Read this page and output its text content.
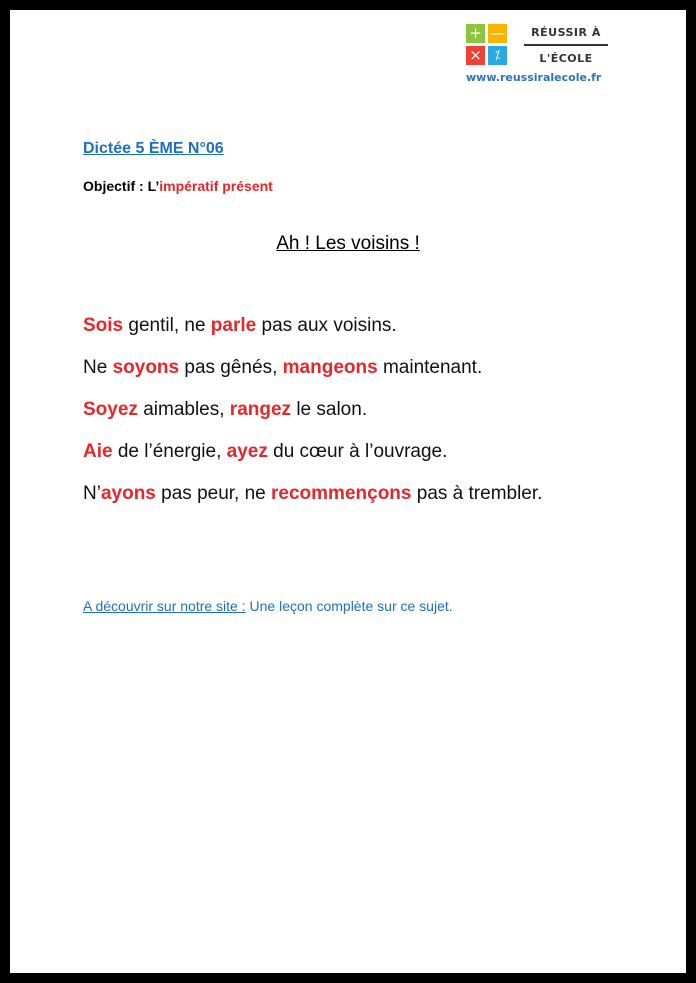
+ —
×	⁒
RÉUSSIR À
L'ÉCOLE
www.reussiralecole.fr
Dictée 5 ÈME N°06
Objectif : L’impératif présent
Ah ! Les voisins !
Sois gentil, ne parle pas aux voisins.
Ne soyons pas gênés, mangeons maintenant.
Soyez aimables, rangez le salon.
Aie de l’énergie, ayez du cœur à l’ouvrage.
N’ayons pas peur, ne recommençons pas à trembler.
A découvrir sur notre site : Une leçon complète sur ce sujet.
